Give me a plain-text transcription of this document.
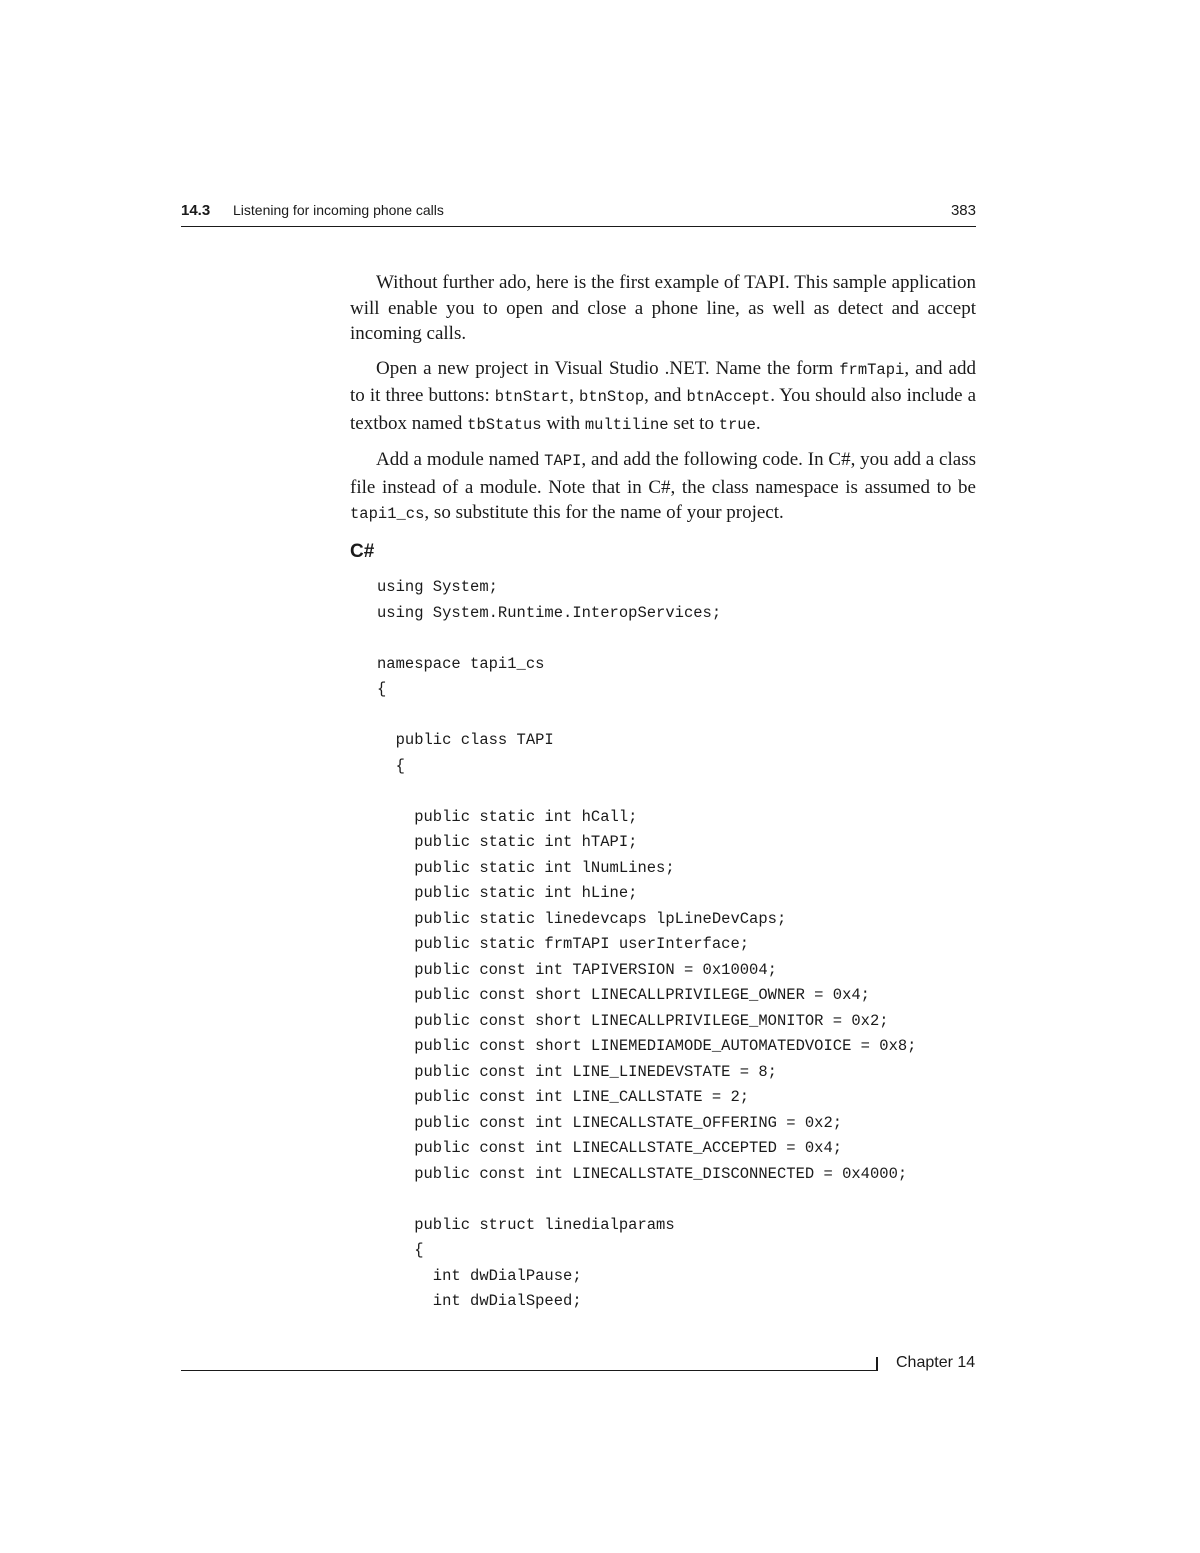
14.3 Listening for incoming phone calls	383

Without further ado, here is the first example of TAPI. This sample application will enable you to open and close a phone line, as well as detect and accept incoming calls.

Open a new project in Visual Studio .NET. Name the form frmTapi, and add to it three buttons: btnStart, btnStop, and btnAccept. You should also include a textbox named tbStatus with multiline set to true.

Add a module named TAPI, and add the following code. In C#, you add a class file instead of a module. Note that in C#, the class namespace is assumed to be tapi1_cs, so substitute this for the name of your project.

C#
using System;
using System.Runtime.InteropServices;
namespace tapi1_cs
{
public class TAPI
{
public static int hCall;
public static int hTAPI;
public static int lNumLines;
public static int hLine;
public static linedevcaps lpLineDevCaps;
public static frmTAPI userInterface;
public const int TAPIVERSION = 0x10004;
public const short LINECALLPRIVILEGE_OWNER = 0x4;
public const short LINECALLPRIVILEGE_MONITOR = 0x2;
public const short LINEMEDIAMODE_AUTOMATEDVOICE = 0x8;
public const int LINE_LINEDEVSTATE = 8;
public const int LINE_CALLSTATE = 2;
public const int LINECALLSTATE_OFFERING = 0x2;
public const int LINECALLSTATE_ACCEPTED = 0x4;
public const int LINECALLSTATE_DISCONNECTED = 0x4000;
public struct linedialparams
{
int dwDialPause;
int dwDialSpeed;
Chapter 14
